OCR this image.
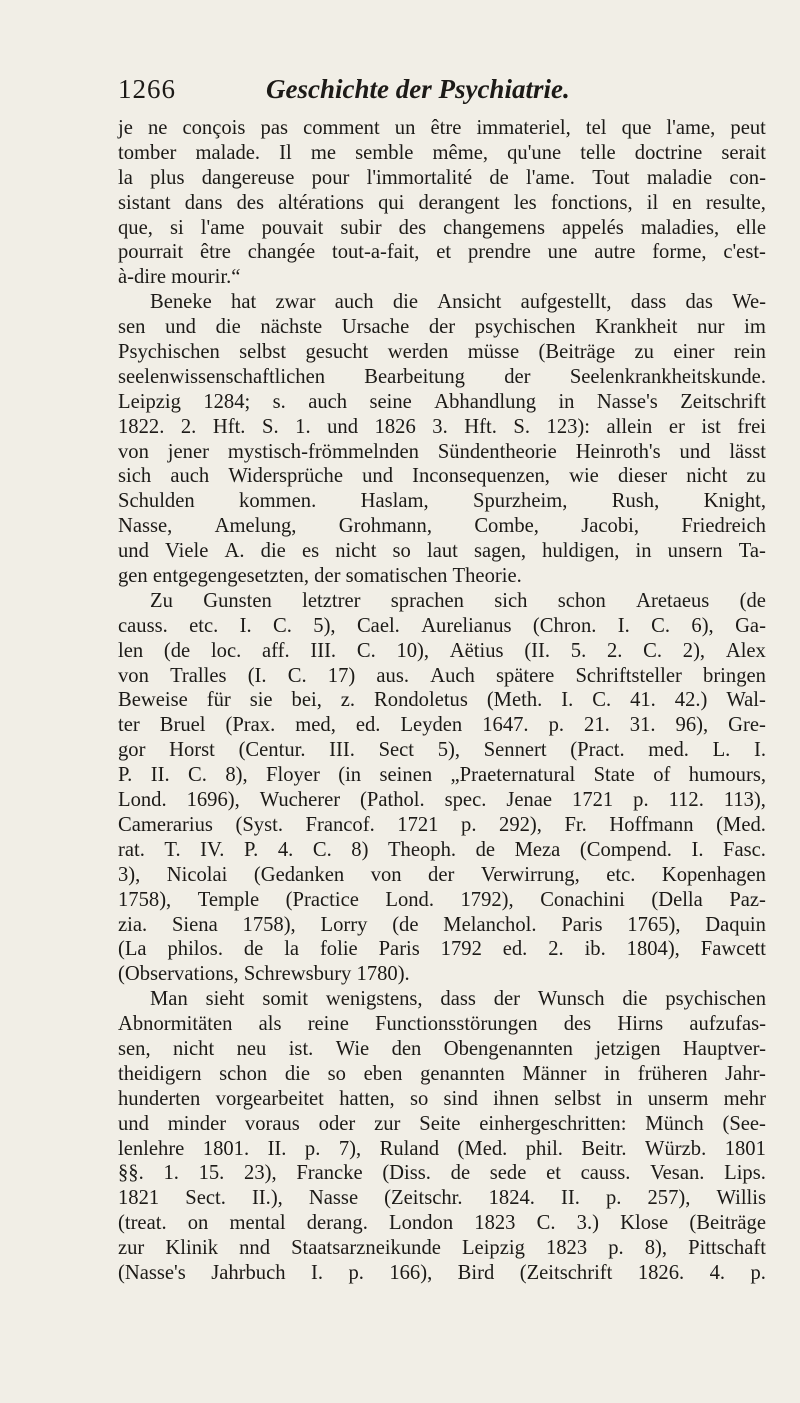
1266	Geschichte der Psychiatrie.
je ne conçois pas comment un être immateriel, tel que l'ame, peut
tomber malade. Il me semble même, qu'une telle doctrine serait
la plus dangereuse pour l'immortalité de l'ame. Tout maladie con-
sistant dans des altérations qui derangent les fonctions, il en resulte,
que, si l'ame pouvait subir des changemens appelés maladies, elle
pourrait être changée tout-a-fait, et prendre une autre forme, c'est-
à-dire mourir.“
Beneke hat zwar auch die Ansicht aufgestellt, dass das We-
sen und die nächste Ursache der psychischen Krankheit nur im
Psychischen selbst gesucht werden müsse (Beiträge zu einer rein
seelenwissenschaftlichen Bearbeitung der Seelenkrankheitskunde.
Leipzig 1284; s. auch seine Abhandlung in Nasse's Zeitschrift
1822. 2. Hft. S. 1. und 1826 3. Hft. S. 123): allein er ist frei
von jener mystisch-frömmelnden Sündentheorie Heinroth's und lässt
sich auch Widersprüche und Inconsequenzen, wie dieser nicht zu
Schulden kommen. Haslam, Spurzheim, Rush, Knight,
Nasse, Amelung, Grohmann, Combe, Jacobi, Friedreich
und Viele A. die es nicht so laut sagen, huldigen, in unsern Ta-
gen entgegengesetzten, der somatischen Theorie.
Zu Gunsten letztrer sprachen sich schon Aretaeus (de
causs. etc. I. C. 5), Cael. Aurelianus (Chron. I. C. 6), Ga-
len (de loc. aff. III. C. 10), Aëtius (II. 5. 2. C. 2), Alex
von Tralles (I. C. 17) aus. Auch spätere Schriftsteller bringen
Beweise für sie bei, z. Rondoletus (Meth. I. C. 41. 42.) Wal-
ter Bruel (Prax. med, ed. Leyden 1647. p. 21. 31. 96), Gre-
gor Horst (Centur. III. Sect 5), Sennert (Pract. med. L. I.
P. II. C. 8), Floyer (in seinen „Praeternatural State of humours,
Lond. 1696), Wucherer (Pathol. spec. Jenae 1721 p. 112. 113),
Camerarius (Syst. Francof. 1721 p. 292), Fr. Hoffmann (Med.
rat. T. IV. P. 4. C. 8) Theoph. de Meza (Compend. I. Fasc.
3), Nicolai (Gedanken von der Verwirrung, etc. Kopenhagen
1758), Temple (Practice Lond. 1792), Conachini (Della Paz-
zia. Siena 1758), Lorry (de Melanchol. Paris 1765), Daquin
(La philos. de la folie Paris 1792 ed. 2. ib. 1804), Fawcett
(Observations, Schrewsbury 1780).
Man sieht somit wenigstens, dass der Wunsch die psychischen
Abnormitäten als reine Functionsstörungen des Hirns aufzufas-
sen, nicht neu ist. Wie den Obengenannten jetzigen Hauptver-
theidigern schon die so eben genannten Männer in früheren Jahr-
hunderten vorgearbeitet hatten, so sind ihnen selbst in unserm mehr
und minder voraus oder zur Seite einhergeschritten: Münch (See-
lenlehre 1801. II. p. 7), Ruland (Med. phil. Beitr. Würzb. 1801
§§. 1. 15. 23), Francke (Diss. de sede et causs. Vesan. Lips.
1821 Sect. II.), Nasse (Zeitschr. 1824. II. p. 257), Willis
(treat. on mental derang. London 1823 C. 3.) Klose (Beiträge
zur Klinik nnd Staatsarzneikunde Leipzig 1823 p. 8), Pittschaft
(Nasse's Jahrbuch I. p. 166), Bird (Zeitschrift 1826. 4. p.
